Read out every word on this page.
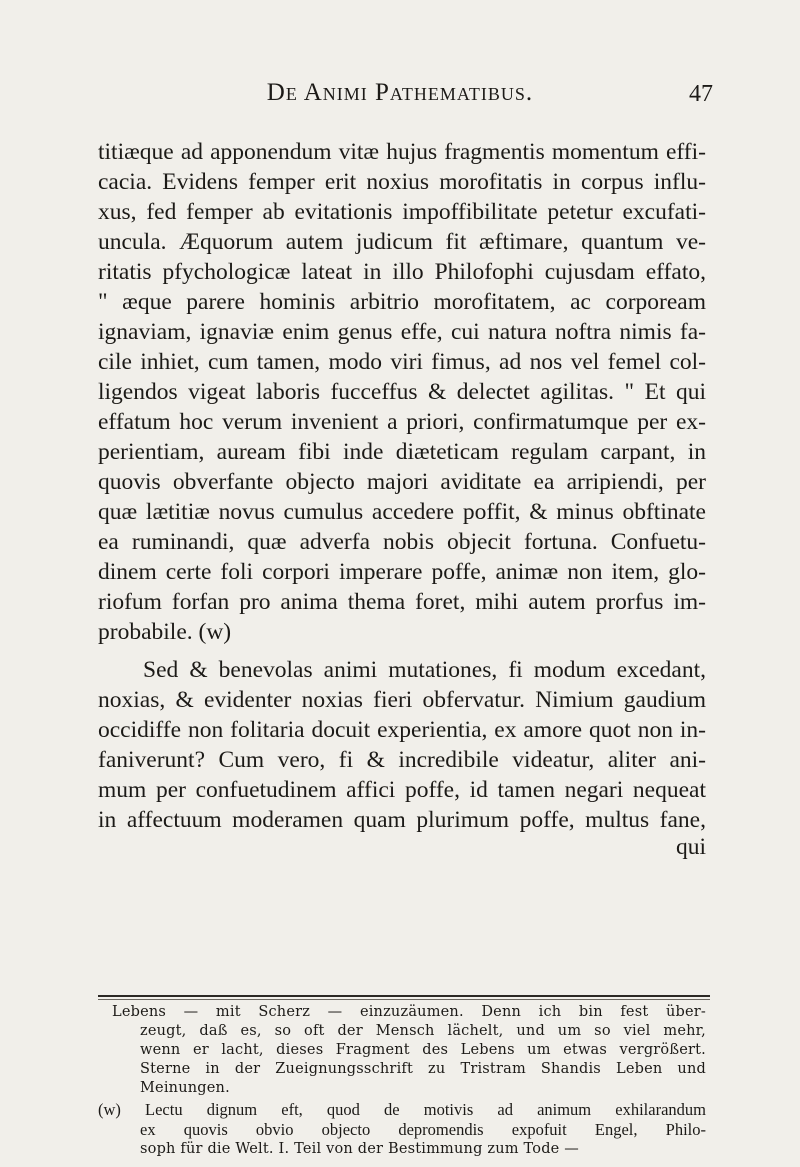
De Animi Pathematibus.	47
titiæque ad apponendum vitæ hujus fragmentis momentum effi-
cacia. Evidens femper erit noxius morofitatis in corpus influ-
xus, fed femper ab evitationis impoffibilitate petetur excufati-
uncula. Æquorum autem judicum fit æftimare, quantum ve-
ritatis pfychologicæ lateat in illo Philofophi cujusdam effato,
" æque parere hominis arbitrio morofitatem, ac corpoream
ignaviam, ignaviæ enim genus effe, cui natura noftra nimis fa-
cile inhiet, cum tamen, modo viri fimus, ad nos vel femel col-
ligendos vigeat laboris fucceffus & delectet agilitas. " Et qui
effatum hoc verum invenient a priori, confirmatumque per ex-
perientiam, auream fibi inde diæteticam regulam carpant, in
quovis obverfante objecto majori aviditate ea arripiendi, per
quæ lætitiæ novus cumulus accedere poffit, & minus obftinate
ea ruminandi, quæ adverfa nobis objecit fortuna. Confuetu-
dinem certe foli corpori imperare poffe, animæ non item, glo-
riofum forfan pro anima thema foret, mihi autem prorfus im-
probabile. (w)
Sed & benevolas animi mutationes, fi modum excedant,
noxias, & evidenter noxias fieri obfervatur. Nimium gaudium
occidiffe non folitaria docuit experientia, ex amore quot non in-
faniverunt? Cum vero, fi & incredibile videatur, aliter ani-
mum per confuetudinem affici poffe, id tamen negari nequeat
in affectuum moderamen quam plurimum poffe, multus fane,
qui
Lebens — mit Scherz — einzuzäumen. Denn ich bin fest über-
zeugt, daß es, so oft der Mensch lächelt, und um so viel mehr,
wenn er lacht, dieses Fragment des Lebens um etwas vergrößert.
Sterne in der Zueignungsschrift zu Tristram Shandis Leben und
Meinungen.
(w) Lectu dignum eft, quod de motivis ad animum exhilarandum
ex quovis obvio objecto depromendis expofuit Engel, Philo-
soph für die Welt. I. Teil von der Bestimmung zum Tode —
